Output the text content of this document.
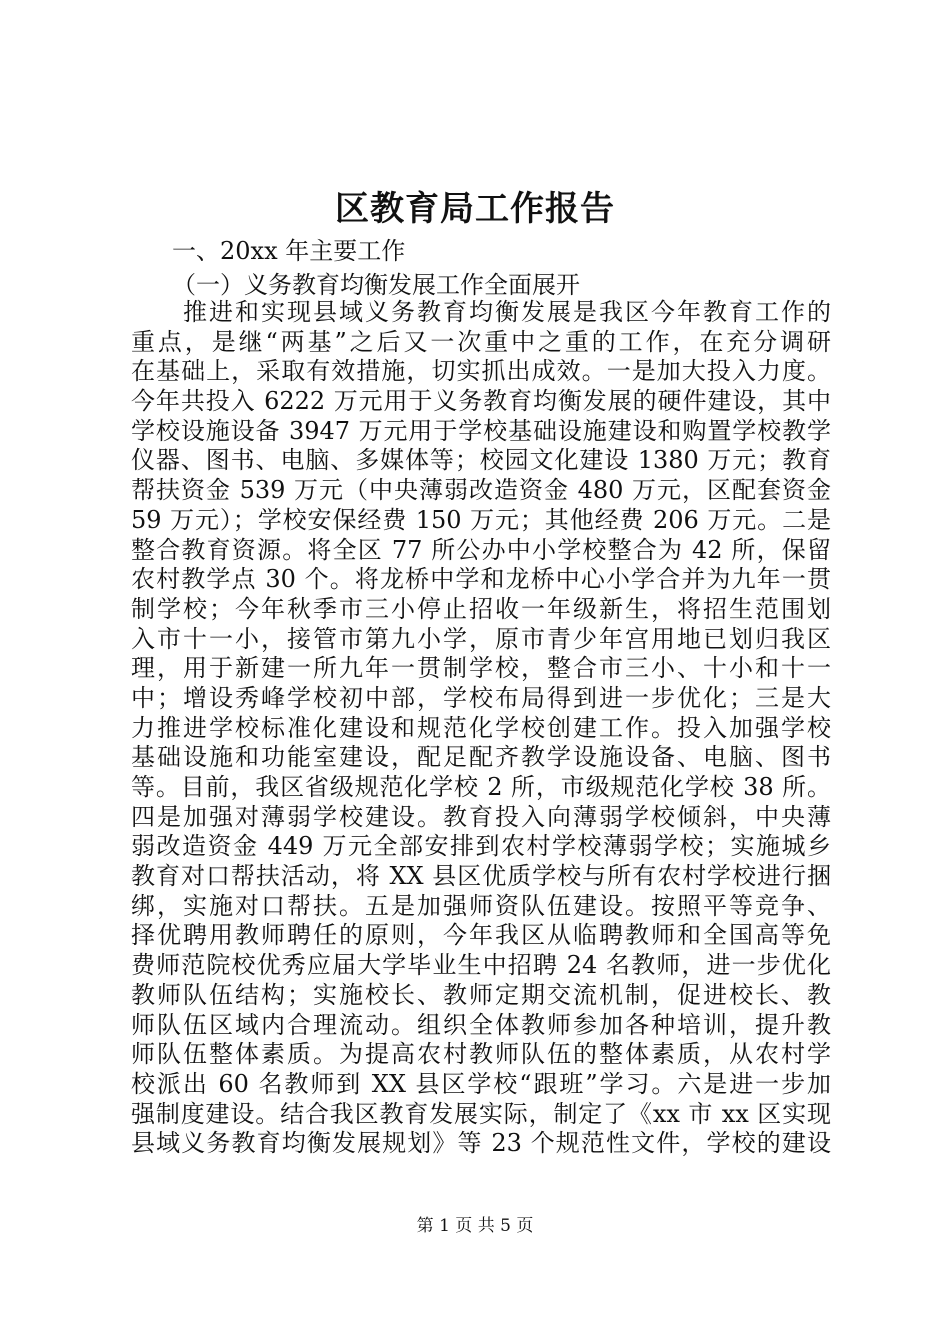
区教育局工作报告

一、20xx 年主要工作

（一）义务教育均衡发展工作全面展开

推进和实现县域义务教育均衡发展是我区今年教育工作的
重点，是继“两基”之后又一次重中之重的工作，在充分调研
在基础上，采取有效措施，切实抓出成效。一是加大投入力度。
今年共投入 6222 万元用于义务教育均衡发展的硬件建设，其中
学校设施设备 3947 万元用于学校基础设施建设和购置学校教学
仪器、图书、电脑、多媒体等；校园文化建设 1380 万元；教育
帮扶资金 539 万元（中央薄弱改造资金 480 万元，区配套资金
59 万元）；学校安保经费 150 万元；其他经费 206 万元。二是
整合教育资源。将全区 77 所公办中小学校整合为 42 所，保留
农村教学点 30 个。将龙桥中学和龙桥中心小学合并为九年一贯
制学校；今年秋季市三小停止招收一年级新生，将招生范围划
入市十一小，接管市第九小学，原市青少年宫用地已划归我区
理，用于新建一所九年一贯制学校，整合市三小、十小和十一
中；增设秀峰学校初中部，学校布局得到进一步优化；三是大
力推进学校标准化建设和规范化学校创建工作。投入加强学校
基础设施和功能室建设，配足配齐教学设施设备、电脑、图书
等。目前，我区省级规范化学校 2 所，市级规范化学校 38 所。
四是加强对薄弱学校建设。教育投入向薄弱学校倾斜，中央薄
弱改造资金 449 万元全部安排到农村学校薄弱学校；实施城乡
教育对口帮扶活动，将 XX 县区优质学校与所有农村学校进行捆
绑，实施对口帮扶。五是加强师资队伍建设。按照平等竞争、
择优聘用教师聘任的原则，今年我区从临聘教师和全国高等免
费师范院校优秀应届大学毕业生中招聘 24 名教师，进一步优化
教师队伍结构；实施校长、教师定期交流机制，促进校长、教
师队伍区域内合理流动。组织全体教师参加各种培训，提升教
师队伍整体素质。为提高农村教师队伍的整体素质，从农村学
校派出 60 名教师到 XX 县区学校“跟班”学习。六是进一步加
强制度建设。结合我区教育发展实际，制定了《xx 市 xx 区实现
县域义务教育均衡发展规划》等 23 个规范性文件，学校的建设

第 1 页 共 5 页
